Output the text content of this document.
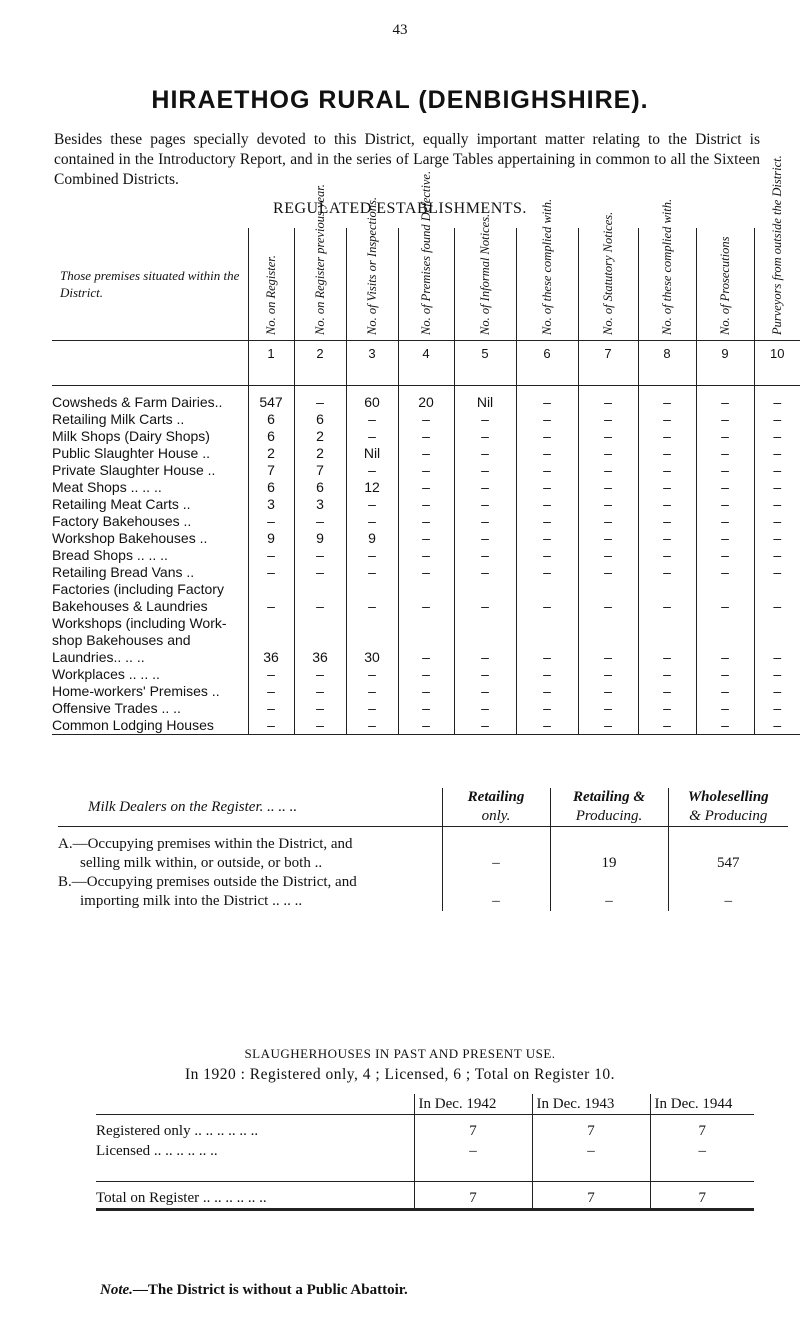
43
HIRAETHOG RURAL (DENBIGHSHIRE).
Besides these pages specially devoted to this District, equally important matter relating to the District is contained in the Introductory Report, and in the series of Large Tables appertaining in common to all the Sixteen Combined Districts.
REGULATED ESTABLISHMENTS.
Those premises situated within the District.	No. on Register.	No. on Register previous year.	No. of Visits or Inspections.	No. of Premises found Defective.	No. of Informal Notices.	No. of these complied with.	No. of Statutory Notices.	No. of these complied with.	No. of Prosecutions	Purveyors from outside the District.
	1	2	3	4	5	6	7	8	9	10

Cowsheds & Farm Dairies..	547	–	60	20	Nil	–	–	–	–	–
Retailing Milk Carts ..	6	6	–	–	–	–	–	–	–	–
Milk Shops (Dairy Shops)	6	2	–	–	–	–	–	–	–	–
Public Slaughter House ..	2	2	Nil	–	–	–	–	–	–	–
Private Slaughter House ..	7	7	–	–	–	–	–	–	–	–
Meat Shops .. .. ..	6	6	12	–	–	–	–	–	–	–
Retailing Meat Carts ..	3	3	–	–	–	–	–	–	–	–
Factory Bakehouses ..	–	–	–	–	–	–	–	–	–	–
Workshop Bakehouses ..	9	9	9	–	–	–	–	–	–	–
Bread Shops .. .. ..	–	–	–	–	–	–	–	–	–	–
Retailing Bread Vans ..	–	–	–	–	–	–	–	–	–	–
Factories (including Factory										
Bakehouses & Laundries	–	–	–	–	–	–	–	–	–	–
Workshops (including Work-										
shop Bakehouses and										
Laundries.. .. ..	36	36	30	–	–	–	–	–	–	–
Workplaces .. .. ..	–	–	–	–	–	–	–	–	–	–
Home-workers' Premises ..	–	–	–	–	–	–	–	–	–	–
Offensive Trades .. ..	–	–	–	–	–	–	–	–	–	–
Common Lodging Houses	–	–	–	–	–	–	–	–	–	–
Milk Dealers on the Register. .. .. ..	Retailing	Retailing &	Wholeselling
	only.	Producing.	& Producing

A.—Occupying premises within the District, and			
selling milk within, or outside, or both ..	–	19	547
B.—Occupying premises outside the District, and			
importing milk into the District .. .. ..	–	–	–
SLAUGHERHOUSES IN PAST AND PRESENT USE.
In 1920 : Registered only, 4 ; Licensed, 6 ; Total on Register 10.
	In Dec. 1942	In Dec. 1943	In Dec. 1944

Registered only .. .. .. .. .. ..	7	7	7
Licensed .. .. .. .. .. ..	–	–	–

Total on Register .. .. .. .. .. ..	7	7	7
Note.—The District is without a Public Abattoir.
